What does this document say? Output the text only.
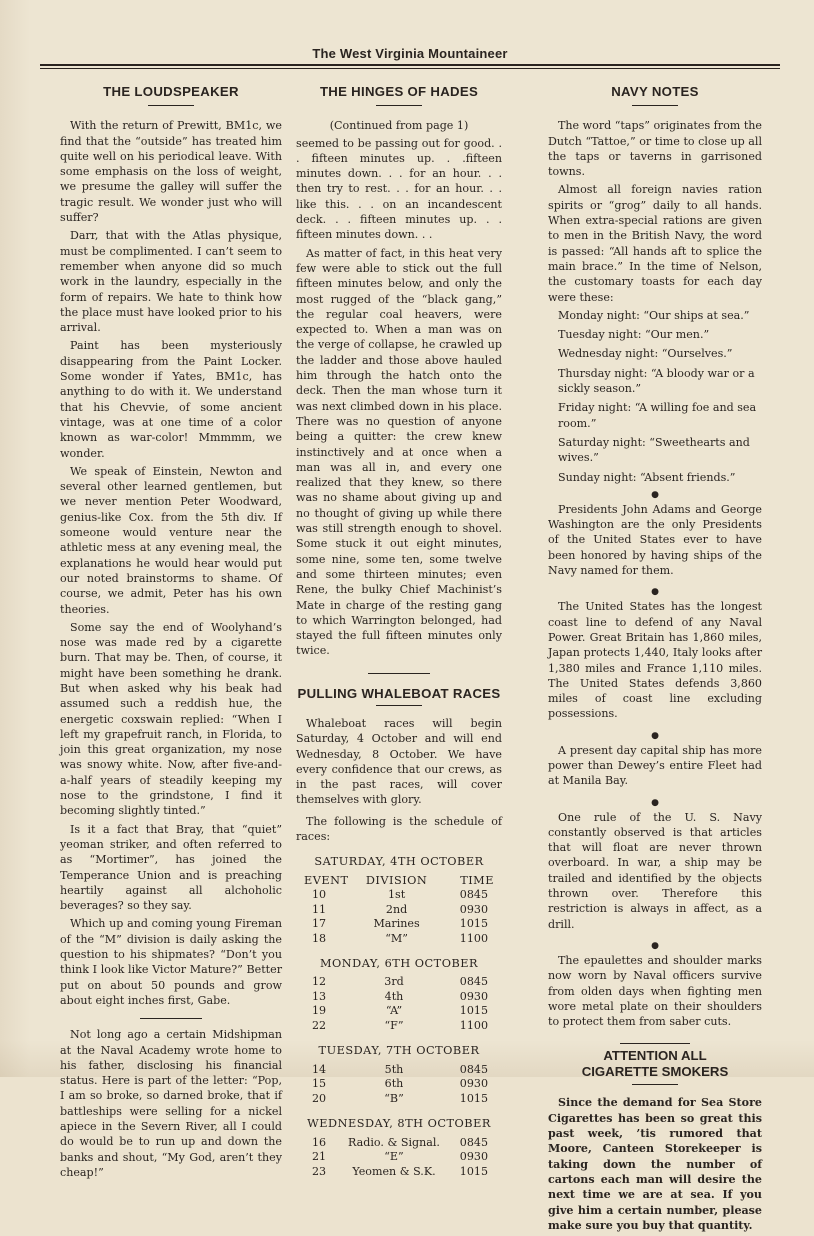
The West Virginia Mountaineer
THE LOUDSPEAKER

With the return of Prewitt, BM1c, we find that the “outside” has treated him quite well on his periodical leave. With some emphasis on the loss of weight, we presume the galley will suffer the tragic result. We wonder just who will suffer?

Darr, that with the Atlas physique, must be complimented. I can’t seem to remember when anyone did so much work in the laundry, especially in the form of repairs. We hate to think how the place must have looked prior to his arrival.

Paint has been mysteriously disappearing from the Paint Locker. Some wonder if Yates, BM1c, has anything to do with it. We understand that his Chevvie, of some ancient vintage, was at one time of a color known as war-color! Mmmmm, we wonder.

We speak of Einstein, Newton and several other learned gentlemen, but we never mention Peter Woodward, genius-like Cox. from the 5th div. If someone would venture near the athletic mess at any evening meal, the explanations he would hear would put our noted brainstorms to shame. Of course, we admit, Peter has his own theories.

Some say the end of Woolyhand’s nose was made red by a cigarette burn. That may be. Then, of course, it might have been something he drank. But when asked why his beak had assumed such a reddish hue, the energetic coxswain replied: “When I left my grapefruit ranch, in Florida, to join this great organization, my nose was snowy white. Now, after five-and-a-half years of steadily keeping my nose to the grindstone, I find it becoming slightly tinted.”

Is it a fact that Bray, that “quiet” yeoman striker, and often referred to as “Mortimer”, has joined the Temperance Union and is preaching heartily against all alchoholic beverages? so they say.

Which up and coming young Fireman of the “M” division is daily asking the question to his shipmates? “Don’t you think I look like Victor Mature?” Better put on about 50 pounds and grow about eight inches first, Gabe.

Not long ago a certain Midshipman at the Naval Academy wrote home to his father, disclosing his financial status. Here is part of the letter: “Pop, I am so broke, so darned broke, that if battleships were selling for a nickel apiece in the Severn River, all I could do would be to run up and down the banks and shout, “My God, aren’t they cheap!”

THE HINGES OF HADES
(Continued from page 1)

seemed to be passing out for good. . . fifteen minutes up. . .fifteen minutes down. . . for an hour. . . then try to rest. . . for an hour. . . like this. . . on an incandescent deck. . . fifteen minutes up. . . fifteen minutes down. . .

As matter of fact, in this heat very few were able to stick out the full fifteen minutes below, and only the most rugged of the “black gang,” the regular coal heavers, were expected to. When a man was on the verge of collapse, he crawled up the ladder and those above hauled him through the hatch onto the deck. Then the man whose turn it was next climbed down in his place. There was no question of anyone being a quitter: the crew knew instinctively and at once when a man was all in, and every one realized that they knew, so there was no shame about giving up and no thought of giving up while there was still strength enough to shovel. Some stuck it out eight minutes, some nine, some ten, some twelve and some thirteen minutes; even Rene, the bulky Chief Machinist’s Mate in charge of the resting gang to which Warrington belonged, had stayed the full fifteen minutes only twice.

PULLING WHALEBOAT RACES

Whaleboat races will begin Saturday, 4 October and will end Wednesday, 8 October. We have every confidence that our crews, as in the past races, will cover themselves with glory.

The following is the schedule of races:

SATURDAY, 4TH OCTOBER
EVENT	DIVISION	TIME
10	1st	0845
11	2nd	0930
17	Marines	1015
18	“M”	1100
MONDAY, 6TH OCTOBER
12	3rd	0845
13	4th	0930
19	“A”	1015
22	“F”	1100
TUESDAY, 7TH OCTOBER
14	5th	0845
15	6th	0930
20	“B”	1015
WEDNESDAY, 8TH OCTOBER
16	Radio. & Signal.	0845
21	“E”	0930
23	Yeomen & S.K.	1015
NAVY NOTES

The word “taps” originates from the Dutch “Tattoe,” or time to close up all the taps or taverns in garrisoned towns.

Almost all foreign navies ration spirits or “grog” daily to all hands. When extra-special rations are given to men in the British Navy, the word is passed: “All hands aft to splice the main brace.” In the time of Nelson, the customary toasts for each day were these:

Monday night: “Our ships at sea.”

Tuesday night: “Our men.”

Wednesday night: “Ourselves.”

Thursday night: “A bloody war or a sickly season.”

Friday night: “A willing foe and sea room.”

Saturday night: “Sweethearts and wives.”

Sunday night: “Absent friends.”

●

Presidents John Adams and George Washington are the only Presidents of the United States ever to have been honored by having ships of the Navy named for them.

●

The United States has the longest coast line to defend of any Naval Power. Great Britain has 1,860 miles, Japan protects 1,440, Italy looks after 1,380 miles and France 1,110 miles. The United States defends 3,860 miles of coast line excluding possessions.

●

A present day capital ship has more power than Dewey’s entire Fleet had at Manila Bay.

●

One rule of the U. S. Navy constantly observed is that articles that will float are never thrown overboard. In war, a ship may be trailed and identified by the objects thrown over. Therefore this restriction is always in affect, as a drill.

●

The epaulettes and shoulder marks now worn by Naval officers survive from olden days when fighting men wore metal plate on their shoulders to protect them from saber cuts.

ATTENTION ALL
CIGARETTE SMOKERS

Since the demand for Sea Store Cigarettes has been so great this past week, ’tis rumored that Moore, Canteen Storekeeper is taking down the number of cartons each man will desire the next time we are at sea. If you give him a certain number, please make sure you buy that quantity.
